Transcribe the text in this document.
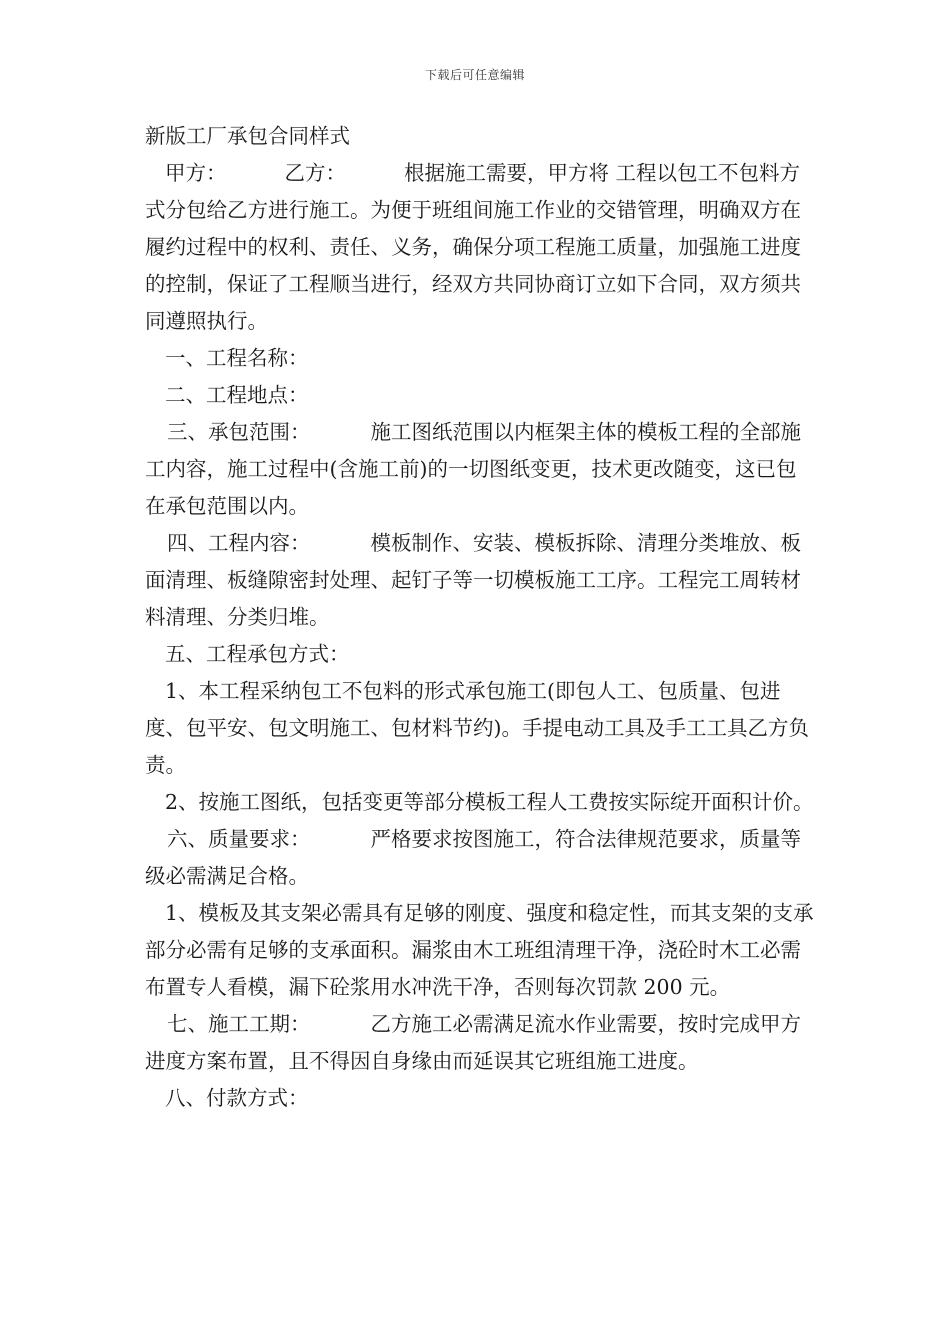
下载后可任意编辑

新版工厂承包合同样式

甲方：	乙方：	根据施工需要，甲方将 工程以包工不包料方式分包给乙方进行施工。为便于班组间施工作业的交错管理，明确双方在履约过程中的权利、责任、义务，确保分项工程施工质量，加强施工进度的控制，保证了工程顺当进行，经双方共同协商订立如下合同，双方须共同遵照执行。

一、工程名称：

二、工程地点：

三、承包范围：	施工图纸范围以内框架主体的模板工程的全部施工内容，施工过程中(含施工前)的一切图纸变更，技术更改随变，这已包在承包范围以内。

四、工程内容：	模板制作、安装、模板拆除、清理分类堆放、板面清理、板缝隙密封处理、起钉子等一切模板施工工序。工程完工周转材料清理、分类归堆。

五、工程承包方式：

1、本工程采纳包工不包料的形式承包施工(即包人工、包质量、包进度、包平安、包文明施工、包材料节约)。手提电动工具及手工工具乙方负责。

2、按施工图纸，包括变更等部分模板工程人工费按实际绽开面积计价。

六、质量要求：	严格要求按图施工，符合法律规范要求，质量等级必需满足合格。

1、模板及其支架必需具有足够的刚度、强度和稳定性，而其支架的支承部分必需有足够的支承面积。漏浆由木工班组清理干净，浇砼时木工必需布置专人看模，漏下砼浆用水冲洗干净，否则每次罚款 200 元。

七、施工工期：	乙方施工必需满足流水作业需要，按时完成甲方进度方案布置，且不得因自身缘由而延误其它班组施工进度。

八、付款方式：
